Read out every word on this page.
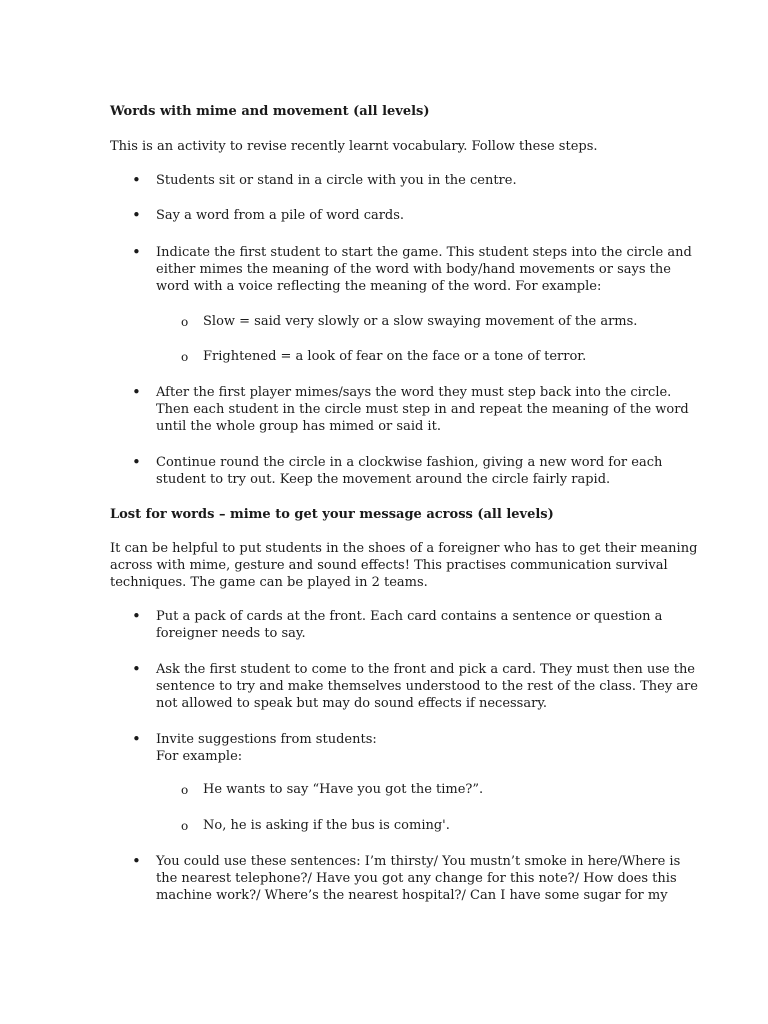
Words with mime and movement (all levels)

This is an activity to revise recently learnt vocabulary. Follow these steps.

• Students sit or stand in a circle with you in the centre.

• Say a word from a pile of word cards.

• Indicate the first student to start the game. This student steps into the circle and
either mimes the meaning of the word with body/hand movements or says the
word with a voice reflecting the meaning of the word. For example:

o Slow = said very slowly or a slow swaying movement of the arms.

o Frightened = a look of fear on the face or a tone of terror.

• After the first player mimes/says the word they must step back into the circle.
Then each student in the circle must step in and repeat the meaning of the word
until the whole group has mimed or said it.

• Continue round the circle in a clockwise fashion, giving a new word for each
student to try out. Keep the movement around the circle fairly rapid.

Lost for words – mime to get your message across (all levels)

It can be helpful to put students in the shoes of a foreigner who has to get their meaning
across with mime, gesture and sound effects! This practises communication survival
techniques. The game can be played in 2 teams.

• Put a pack of cards at the front. Each card contains a sentence or question a
foreigner needs to say.

• Ask the first student to come to the front and pick a card. They must then use the
sentence to try and make themselves understood to the rest of the class. They are
not allowed to speak but may do sound effects if necessary.

• Invite suggestions from students:
For example:

o He wants to say “Have you got the time?”.

o No, he is asking if the bus is coming'.

• You could use these sentences: I’m thirsty/ You mustn’t smoke in here/Where is
the nearest telephone?/ Have you got any change for this note?/ How does this
machine work?/ Where’s the nearest hospital?/ Can I have some sugar for my
